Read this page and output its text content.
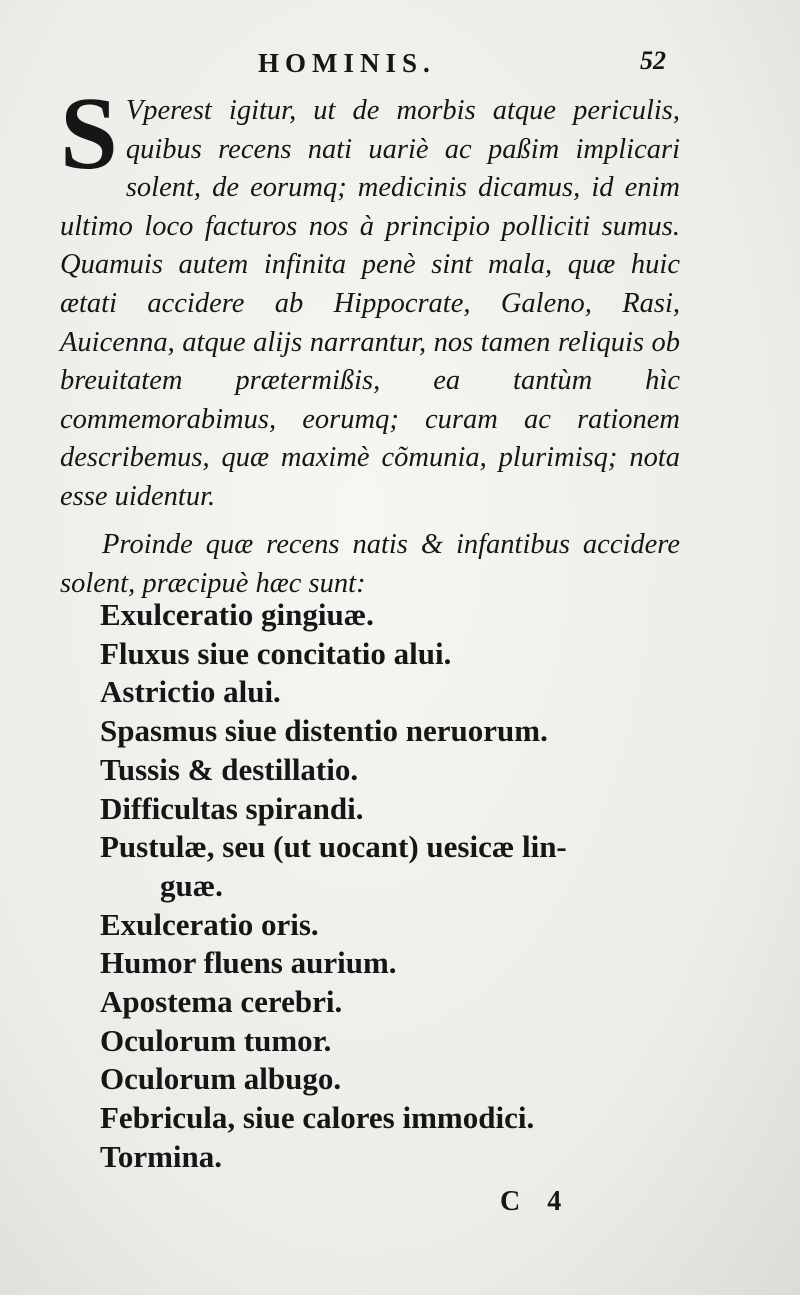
HOMINIS.	52

S Vperest igitur, ut de morbis atque periculis, quibus recens nati uariè ac paßim implicari solent, de eorumq; medicinis dicamus, id enim ultimo loco facturos nos à principio polliciti sumus. Quamuis autem infinita penè sint mala, quæ huic ætati accidere ab Hippocrate, Galeno, Rasi, Auicenna, atque alijs narrantur, nos tamen reliquis ob breuitatem prætermißis, ea tantùm hìc commemorabimus, eorumq; curam ac rationem describemus, quæ maximè cõmunia, plurimisq; nota esse uidentur.

Proinde quæ recens natis & infantibus accidere solent, præcipuè hæc sunt:

Exulceratio gingiuæ.

Fluxus siue concitatio alui.

Astrictio alui.

Spasmus siue distentio neruorum.

Tussis & destillatio.

Difficultas spirandi.

Pustulæ, seu (ut uocant) uesicæ lin-

guæ.

Exulceratio oris.

Humor fluens aurium.

Apostema cerebri.

Oculorum tumor.

Oculorum albugo.

Febricula, siue calores immodici.

Tormina.

C 4
